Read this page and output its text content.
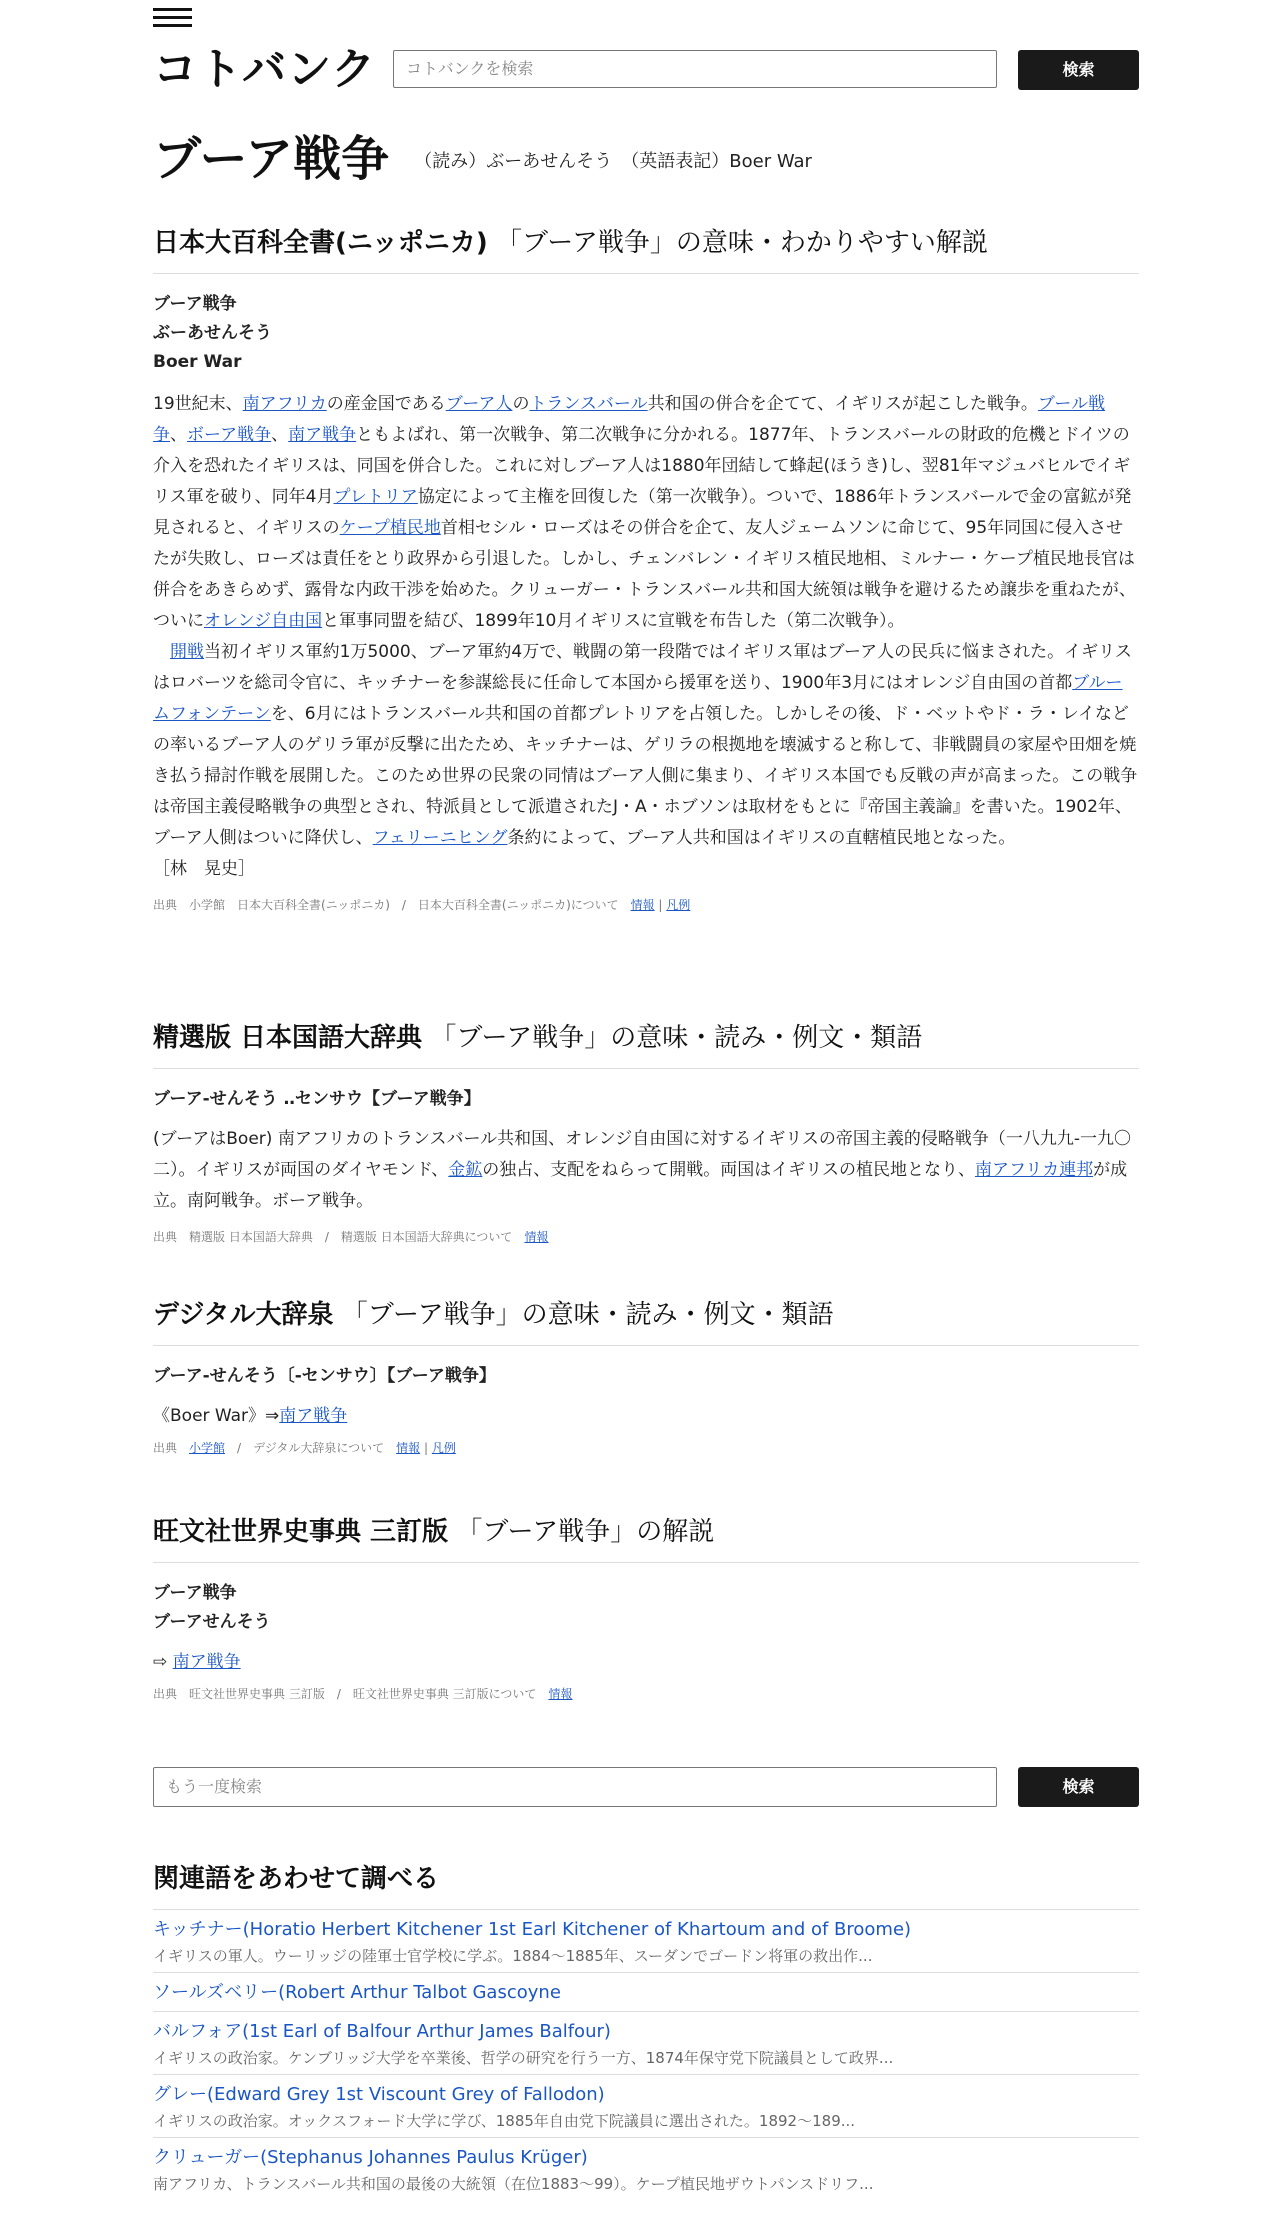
コトバンク	コトバンクを検索	検索
ブーア戦争 （読み）ぶーあせんそう　（英語表記）Boer War
日本大百科全書(ニッポニカ) 「ブーア戦争」の意味・わかりやすい解説
ブーア戦争
ぶーあせんそう
Boer War
19世紀末、南アフリカの産金国であるブーア人のトランスバール共和国の併合を企てて、イギリスが起こした戦争。ブール戦争、ボーア戦争、南ア戦争ともよばれ、第一次戦争、第二次戦争に分かれる。1877年、トランスバールの財政的危機とドイツの介入を恐れたイギリスは、同国を併合した。これに対しブーア人は1880年団結して蜂起(ほうき)し、翌81年マジュバヒルでイギリス軍を破り、同年4月プレトリア協定によって主権を回復した（第一次戦争）。ついで、1886年トランスバールで金の富鉱が発見されると、イギリスのケープ植民地首相セシル・ローズはその併合を企て、友人ジェームソンに命じて、95年同国に侵入させたが失敗し、ローズは責任をとり政界から引退した。しかし、チェンバレン・イギリス植民地相、ミルナー・ケープ植民地長官は併合をあきらめず、露骨な内政干渉を始めた。クリューガー・トランスバール共和国大統領は戦争を避けるため譲歩を重ねたが、ついにオレンジ自由国と軍事同盟を結び、1899年10月イギリスに宣戦を布告した（第二次戦争）。
　開戦当初イギリス軍約1万5000、ブーア軍約4万で、戦闘の第一段階ではイギリス軍はブーア人の民兵に悩まされた。イギリスはロバーツを総司令官に、キッチナーを参謀総長に任命して本国から援軍を送り、1900年3月にはオレンジ自由国の首都ブルームフォンテーンを、6月にはトランスバール共和国の首都プレトリアを占領した。しかしその後、ド・ベットやド・ラ・レイなどの率いるブーア人のゲリラ軍が反撃に出たため、キッチナーは、ゲリラの根拠地を壊滅すると称して、非戦闘員の家屋や田畑を焼き払う掃討作戦を展開した。このため世界の民衆の同情はブーア人側に集まり、イギリス本国でも反戦の声が高まった。この戦争は帝国主義侵略戦争の典型とされ、特派員として派遣されたJ・A・ホブソンは取材をもとに『帝国主義論』を書いた。1902年、ブーア人側はついに降伏し、フェリーニヒング条約によって、ブーア人共和国はイギリスの直轄植民地となった。
［林　晃史］
出典　小学館　日本大百科全書(ニッポニカ)　/　日本大百科全書(ニッポニカ)について　情報 | 凡例
精選版 日本国語大辞典 「ブーア戦争」の意味・読み・例文・類語
ブーア‐せんそう ‥センサウ【ブーア戦争】
(ブーアはBoer) 南アフリカのトランスバール共和国、オレンジ自由国に対するイギリスの帝国主義的侵略戦争（一八九九‐一九〇二）。イギリスが両国のダイヤモンド、金鉱の独占、支配をねらって開戦。両国はイギリスの植民地となり、南アフリカ連邦が成立。南阿戦争。ボーア戦争。
出典　精選版 日本国語大辞典　/　精選版 日本国語大辞典について　情報
デジタル大辞泉 「ブーア戦争」の意味・読み・例文・類語
ブーア‐せんそう〔‐センサウ〕【ブーア戦争】
《Boer War》⇒南ア戦争
出典　小学館　/　デジタル大辞泉について　情報 | 凡例
旺文社世界史事典 三訂版 「ブーア戦争」の解説
ブーア戦争
ブーアせんそう
⇨ 南ア戦争
出典　旺文社世界史事典 三訂版　/　旺文社世界史事典 三訂版について　情報
もう一度検索	検索
関連語をあわせて調べる
キッチナー(Horatio Herbert Kitchener 1st Earl Kitchener of Khartoum and of Broome)
イギリスの軍人。ウーリッジの陸軍士官学校に学ぶ。1884～1885年、スーダンでゴードン将軍の救出作...
ソールズベリー(Robert Arthur Talbot Gascoyne
バルフォア(1st Earl of Balfour Arthur James Balfour)
イギリスの政治家。ケンブリッジ大学を卒業後、哲学の研究を行う一方、1874年保守党下院議員として政界...
グレー(Edward Grey 1st Viscount Grey of Fallodon)
イギリスの政治家。オックスフォード大学に学び、1885年自由党下院議員に選出された。1892～189...
クリューガー(Stephanus Johannes Paulus Krüger)
南アフリカ、トランスバール共和国の最後の大統領（在位1883～99）。ケープ植民地ザウトパンスドリフ...
